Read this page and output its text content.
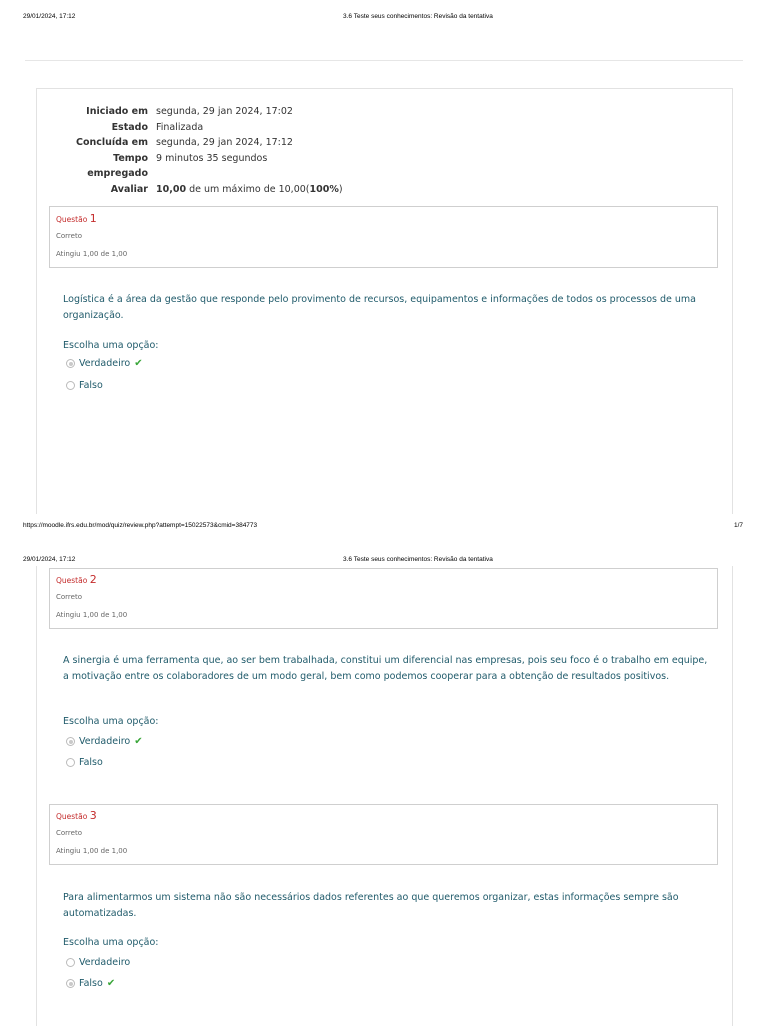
29/01/2024, 17:12	3.6 Teste seus conhecimentos: Revisão da tentativa
Iniciado em segunda, 29 jan 2024, 17:02
Estado Finalizada
Concluída em segunda, 29 jan 2024, 17:12
Tempo
empregado
9 minutos 35 segundos
Avaliar 10,00 de um máximo de 10,00(100%)
Questão 1
Correto
Atingiu 1,00 de 1,00
Logística é a área da gestão que responde pelo provimento de recursos, equipamentos e informações de todos os processos de uma organização.
Escolha uma opção:
Verdadeiro ✔
Falso
https://moodle.ifrs.edu.br/mod/quiz/review.php?attempt=15022573&cmid=384773	1/7
29/01/2024, 17:12	3.6 Teste seus conhecimentos: Revisão da tentativa
Questão 2
Correto
Atingiu 1,00 de 1,00
A sinergia é uma ferramenta que, ao ser bem trabalhada, constitui um diferencial nas empresas, pois seu foco é o trabalho em equipe, a motivação entre os colaboradores de um modo geral, bem como podemos cooperar para a obtenção de resultados positivos.
Escolha uma opção:
Verdadeiro ✔
Falso
Questão 3
Correto
Atingiu 1,00 de 1,00
Para alimentarmos um sistema não são necessários dados referentes ao que queremos organizar, estas informações sempre são automatizadas.
Escolha uma opção:
Verdadeiro
Falso ✔
